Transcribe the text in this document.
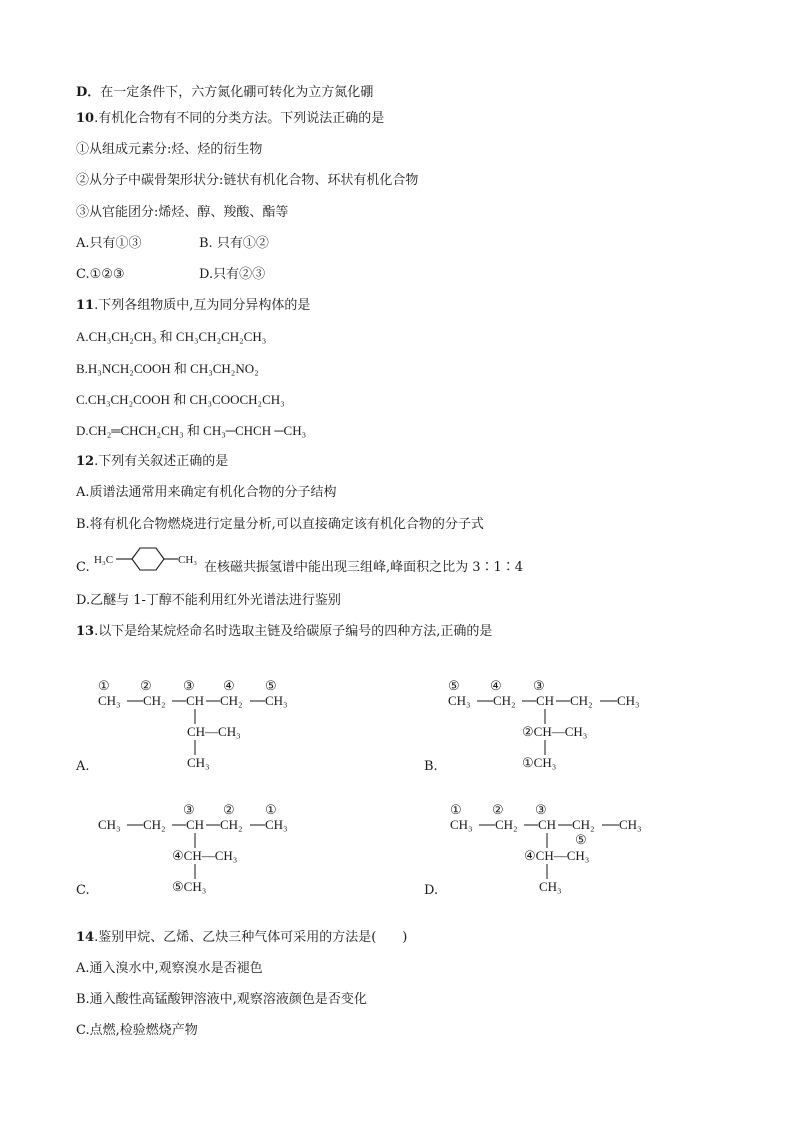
D．在一定条件下，六方氮化硼可转化为立方氮化硼
10.有机化合物有不同的分类方法。下列说法正确的是
①从组成元素分:烃、烃的衍生物
②从分子中碳骨架形状分:链状有机化合物、环状有机化合物
③从官能团分:烯烃、醇、羧酸、酯等
A.只有①③	B. 只有①②
C.①②③	D.只有②③
11.下列各组物质中,互为同分异构体的是
A.CH₃CH₂CH₃ 和 CH₃CH₂CH₂CH₃
B.H₃NCH₂COOH 和 CH₃CH₂NO₂
C.CH₃CH₂COOH 和 CH₃COOCH₂CH₃
D.CH₂═CHCH₂CH₃ 和 CH₃─CHCH ─CH₃
12.下列有关叙述正确的是
A.质谱法通常用来确定有机化合物的分子结构
B.将有机化合物燃烧进行定量分析,可以直接确定该有机化合物的分子式
C. H₃C	CH₃ 在核磁共振氢谱中能出现三组峰,峰面积之比为 3∶1∶4
D.乙醚与 1-丁醇不能利用红外光谱法进行鉴别
13.以下是给某烷烃命名时选取主链及给碳原子编号的四种方法,正确的是
① ② ③ ④ ⑤
CH₃ CH₂ CH CH₂ CH₃
CH—CH₃
CH₃
A.
⑤ ④ ③
CH₃ CH₂ CH CH₂ CH₃
②CH—CH₃
①CH₃
B.
③ ② ①
CH₃ CH₂ CH CH₂ CH₃
④CH—CH₃
⑤CH₃
C.
① ② ③
CH₃ CH₂ CH CH₂ CH₃
⑤
④CH—CH₃
CH₃
D.
14.鉴别甲烷、乙烯、乙炔三种气体可采用的方法是(　　)
A.通入溴水中,观察溴水是否褪色
B.通入酸性高锰酸钾溶液中,观察溶液颜色是否变化
C.点燃,检验燃烧产物
